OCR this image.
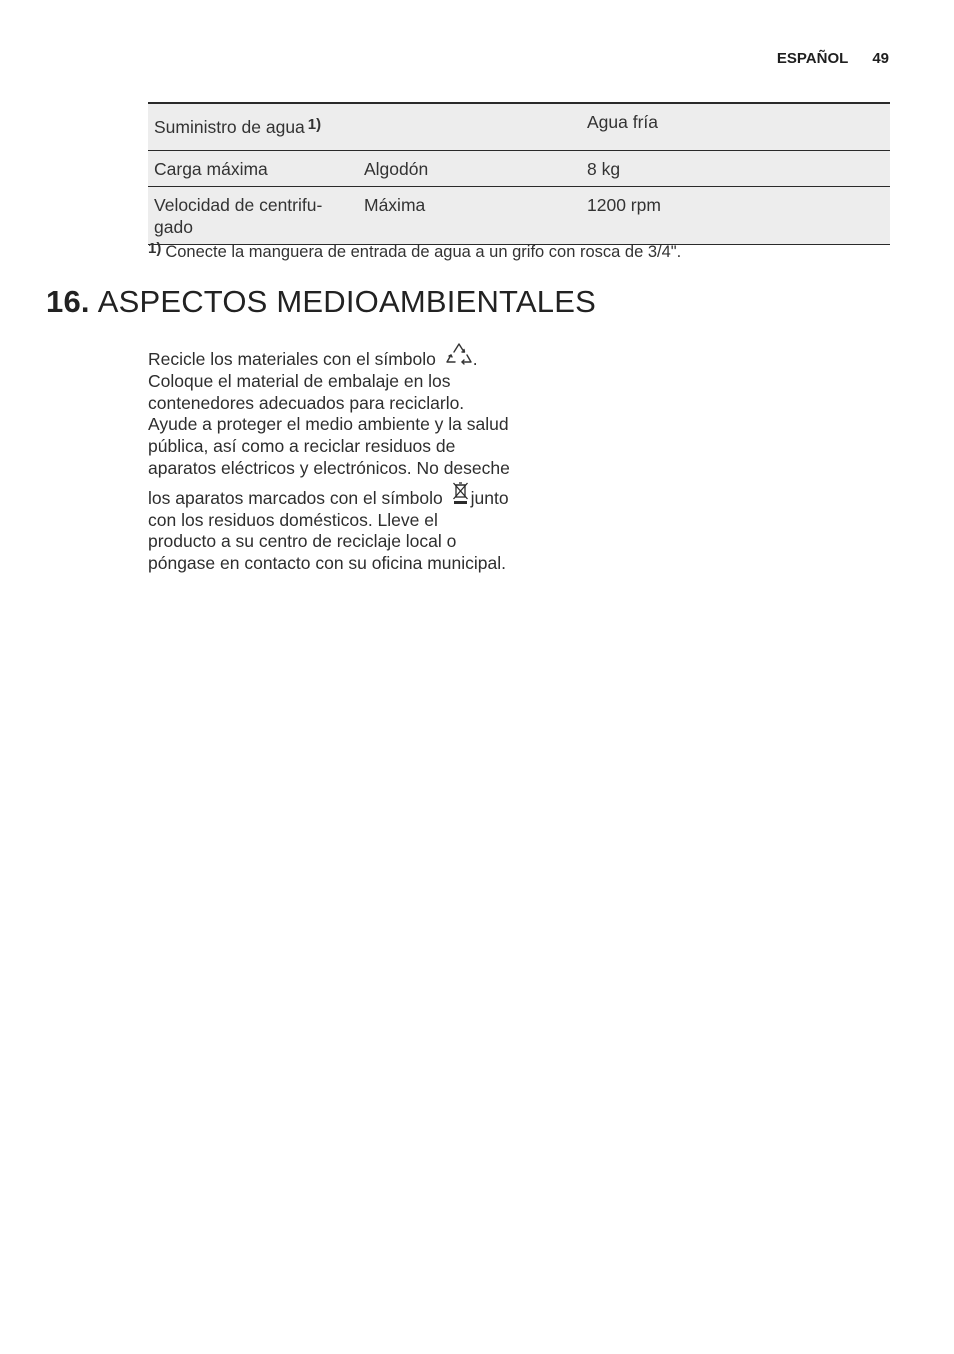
ESPAÑOL 49
Suministro de agua 1)		Agua fría
Carga máxima	Algodón	8 kg
Velocidad de centrifu-
gado	Máxima	1200 rpm
1) Conecte la manguera de entrada de agua a un grifo con rosca de 3/4".
16. ASPECTOS MEDIOAMBIENTALES

Recicle los materiales con el símbolo . Coloque el material de embalaje en los contenedores adecuados para reciclarlo. Ayude a proteger el medio ambiente y la salud pública, así como a reciclar residuos de aparatos eléctricos y electrónicos. No deseche los aparatos marcados con el símbolo junto con los residuos domésticos. Lleve el producto a su centro de reciclaje local o póngase en contacto con su oficina municipal.
